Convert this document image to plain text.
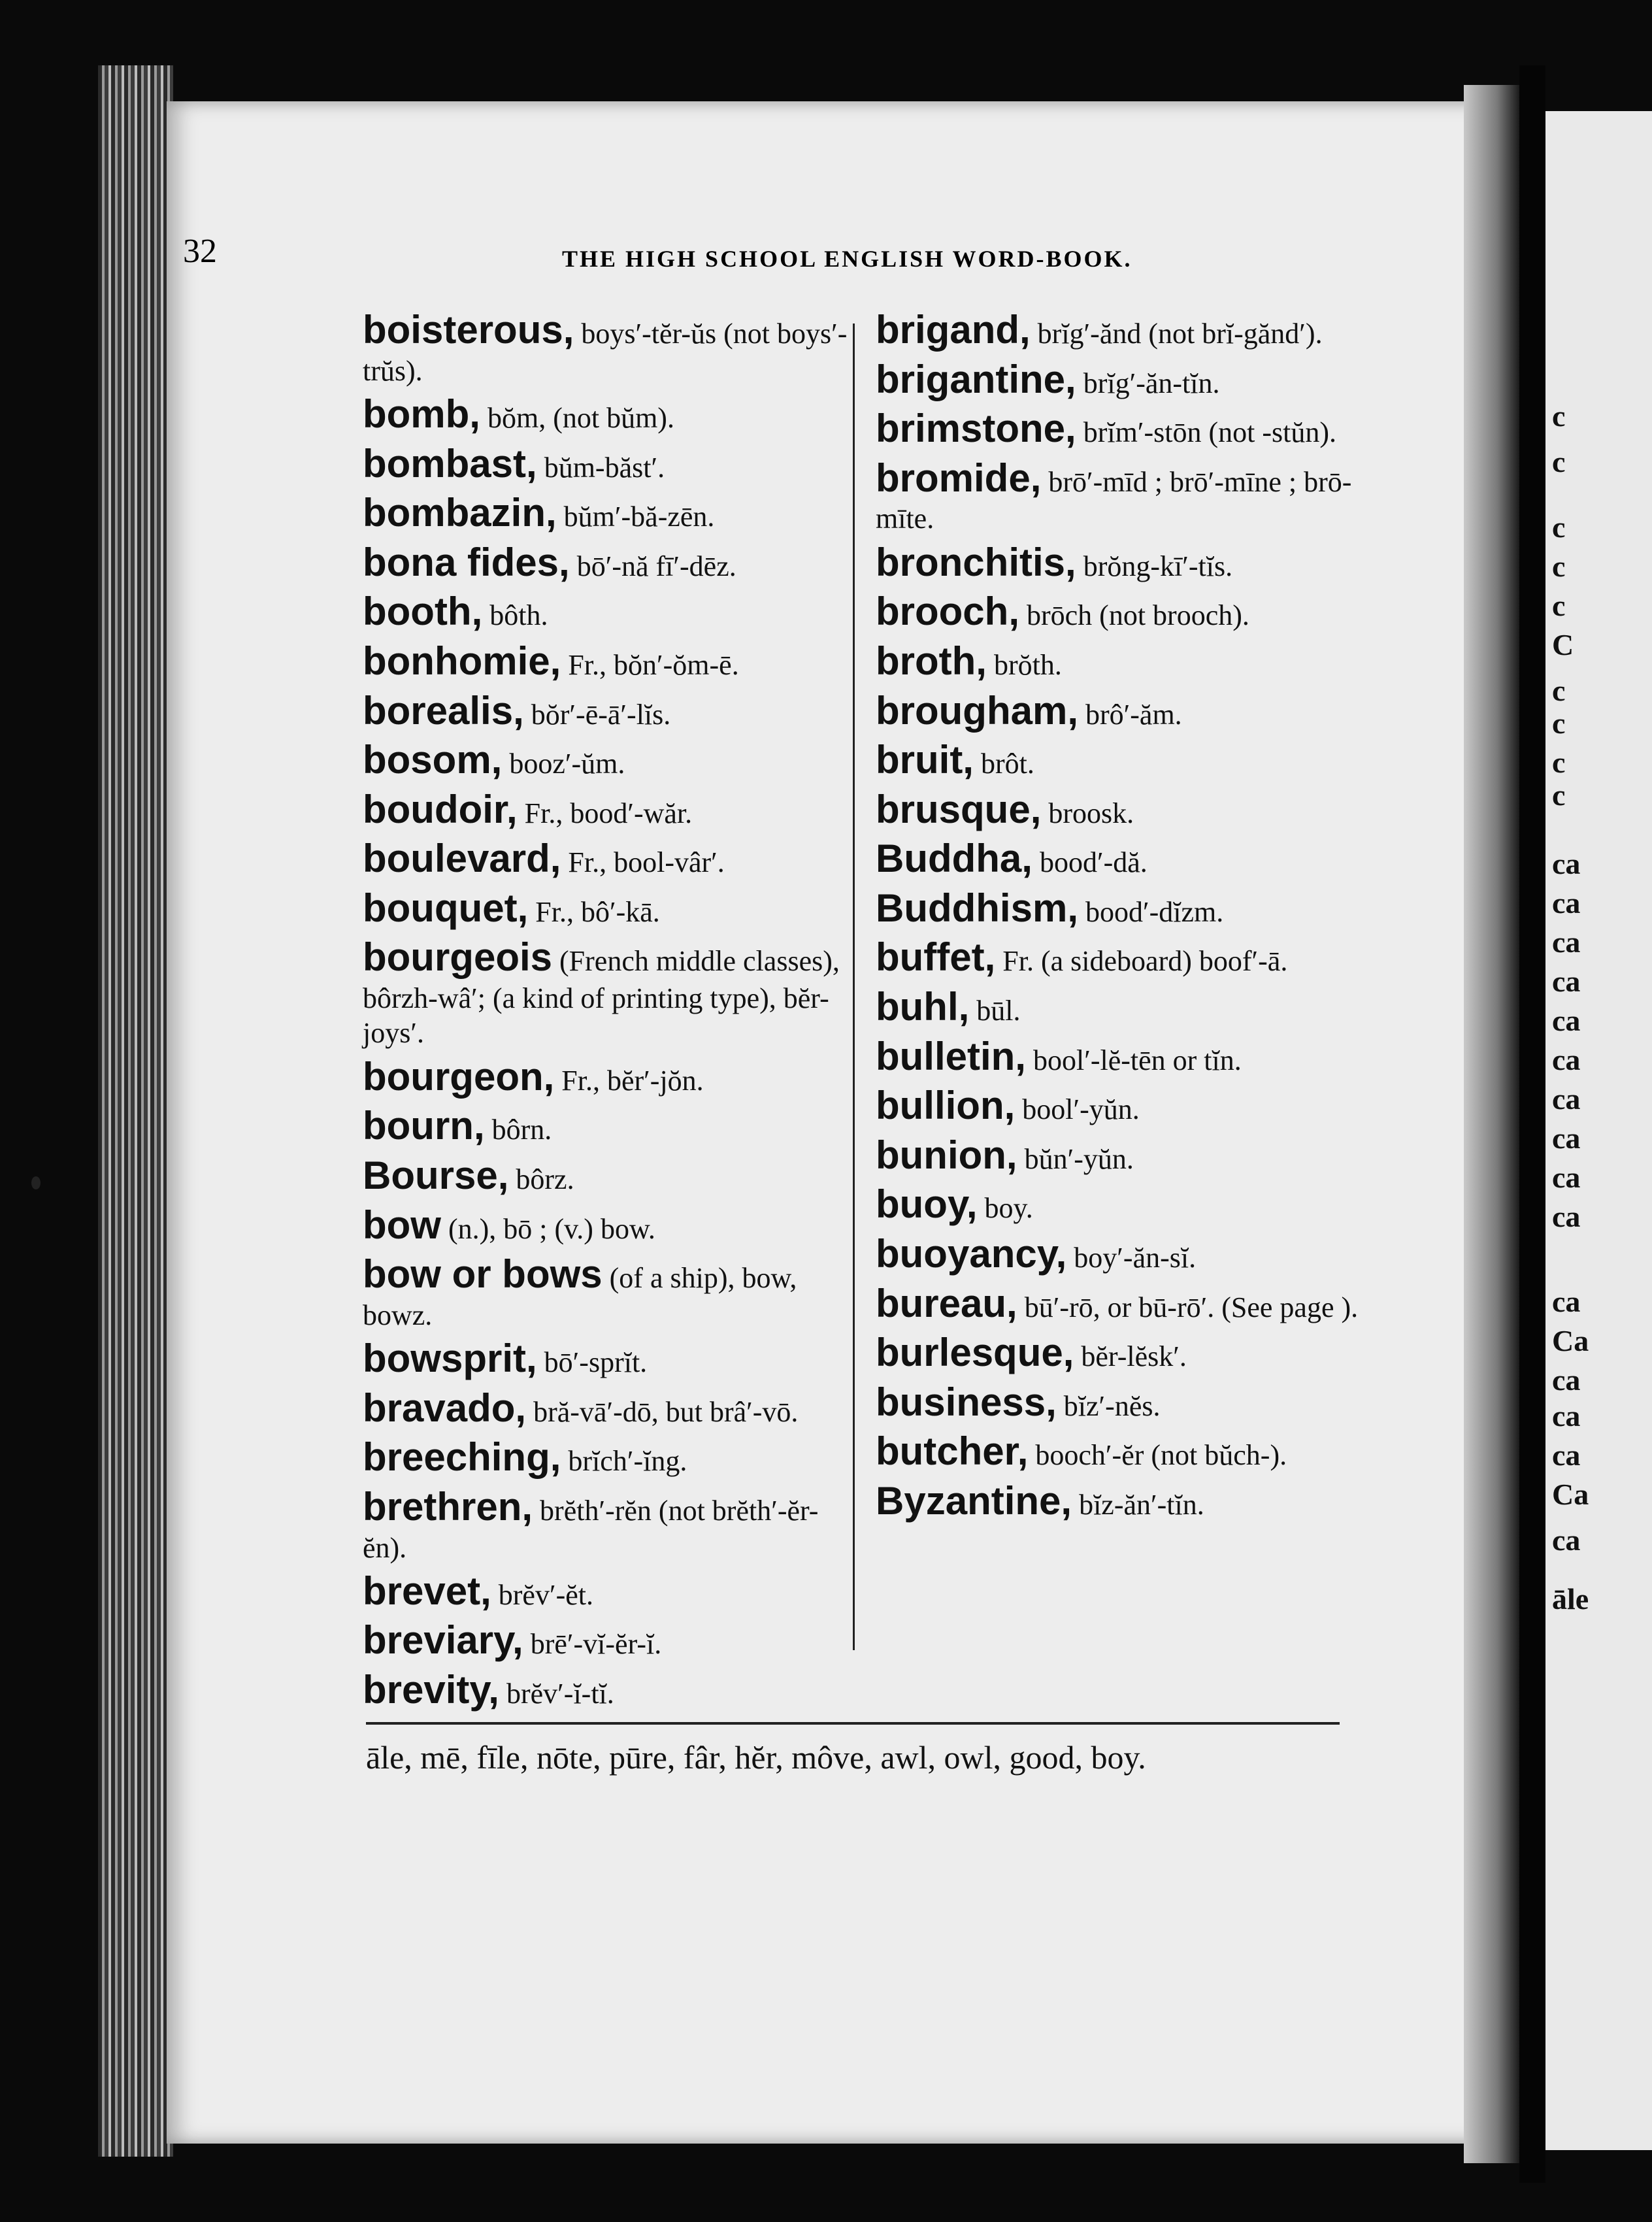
c
c
c
c
c
C
c
c
c
c
ca
ca
ca
ca
ca
ca
ca
ca
ca
ca
ca
Ca
ca
ca
ca
Ca
ca
āle
32	THE HIGH SCHOOL ENGLISH WORD-BOOK.
boisterous, boys′-tĕr-ŭs (not boys′-trŭs).
bomb, bŏm, (not bŭm).
bombast, bŭm-băst′.
bombazin, bŭm′-bă-zēn.
bona fides, bō′-nă fī′-dēz.
booth, bôth.
bonhomie, Fr., bŏn′-ŏm-ē.
borealis, bŏr′-ē-ā′-lĭs.
bosom, booz′-ŭm.
boudoir, Fr., bood′-wăr.
boulevard, Fr., bool-vâr′.
bouquet, Fr., bô′-kā.
bourgeois (French middle classes), bôrzh-wâ′; (a kind of printing type), bĕr-joys′.
bourgeon, Fr., bĕr′-jŏn.
bourn, bôrn.
Bourse, bôrz.
bow (n.), bō ; (v.) bow.
bow or bows (of a ship), bow, bowz.
bowsprit, bō′-sprĭt.
bravado, bră-vā′-dō, but brâ′-vō.
breeching, brĭch′-ĭng.
brethren, brĕth′-rĕn (not brĕth′-ĕr-ĕn).
brevet, brĕv′-ĕt.
breviary, brē′-vĭ-ĕr-ĭ.
brevity, brĕv′-ĭ-tĭ.
brigand, brĭg′-ănd (not brĭ-gănd′).
brigantine, brĭg′-ăn-tĭn.
brimstone, brĭm′-stōn (not -stŭn).
bromide, brō′-mīd ; brō′-mīne ; brō-mīte.
bronchitis, brŏng-kī′-tĭs.
brooch, brōch (not brooch).
broth, brŏth.
brougham, brô′-ăm.
bruit, brôt.
brusque, broosk.
Buddha, bood′-dă.
Buddhism, bood′-dĭzm.
buffet, Fr. (a sideboard) boof′-ā.
buhl, būl.
bulletin, bool′-lĕ-tēn or tĭn.
bullion, bool′-yŭn.
bunion, bŭn′-yŭn.
buoy, boy.
buoyancy, boy′-ăn-sĭ.
bureau, bū′-rō, or bū-rō′. (See page ).
burlesque, bĕr-lĕsk′.
business, bĭz′-nĕs.
butcher, booch′-ĕr (not bŭch-).
Byzantine, bĭz-ăn′-tĭn.
āle, mē, fīle, nōte, pūre, fâr, hĕr, môve, awl, owl, good, boy.
